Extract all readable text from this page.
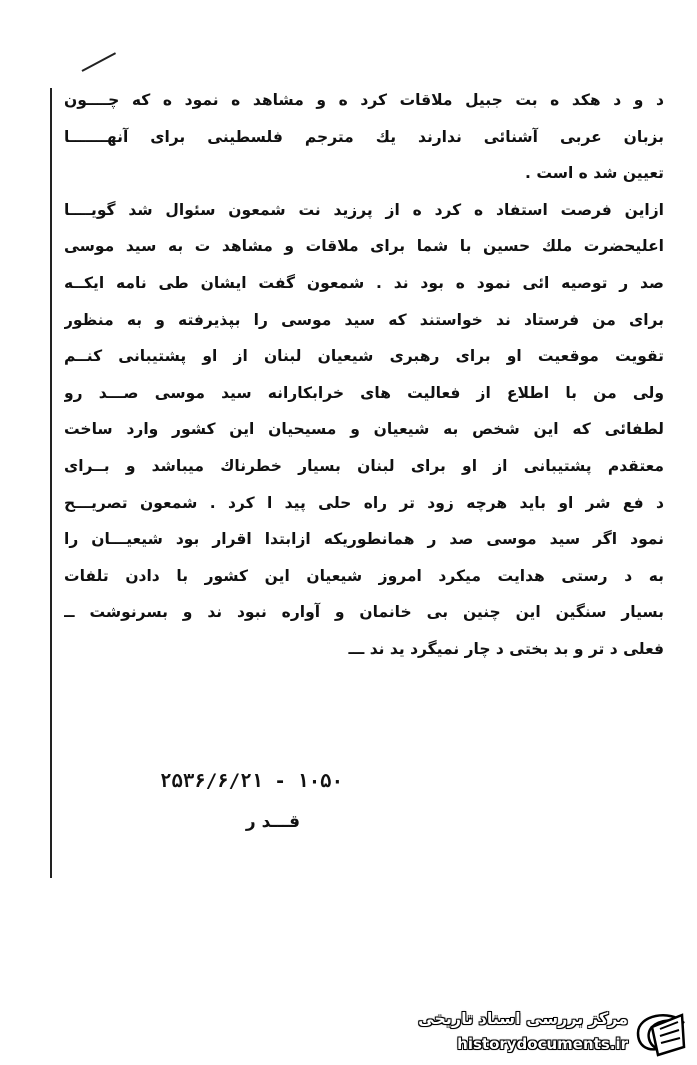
د و د هکد ه بت جبیل ملاقات کرد ه و مشاهد ه نمود ه که چــــون
بزبان عربی آشنائی ندارند یك مترجم فلسطینی برای آنهـــــــا
تعیین شد ه است .
ازاین فرصت استفاد ه کرد ه از پرزید نت شمعون سئوال شد گویــــا
اعلیحضرت ملك حسین با شما برای ملاقات و مشاهد ت به سید موسی
صد ر توصیه ائی نمود ه بود ند . شمعون گفت ایشان طی نامه ایکــه
برای من فرستاد ند خواستند که سید موسی را بپذیرفته و به منظور
تقویت موقعیت او برای رهبری شیعیان لبنان از او پشتیبانی کنــم
ولی من با اطلاع از فعالیت های خرابکارانه سید موسی صـــد رو
لطفائی که این شخص به شیعیان و مسیحیان این کشور وارد ساخت
معتقدم پشتیبانی از او برای لبنان بسیار خطرناك میباشد و بــرای
د فع شر او باید هرچه زود تر راه حلی پید ا کرد . شمعون تصریـــح
نمود اگر سید موسی صد ر همانطوریکه ازابتدا اقرار بود شیعیـــان را
به د رستی هدایت میکرد امروز شیعیان این کشور با دادن تلفات
بسیار سنگین این چنین بی خانمان و آواره نبود ند و بسرنوشت ــ
فعلی د تر و بد بختی د چار نمیگرد ید ند ـــ
۲۵۳۶/۶/۲۱ - ۱۰۵۰
قـــد ر
مرکز بررسی اسناد تاریخی
historydocuments.ir
